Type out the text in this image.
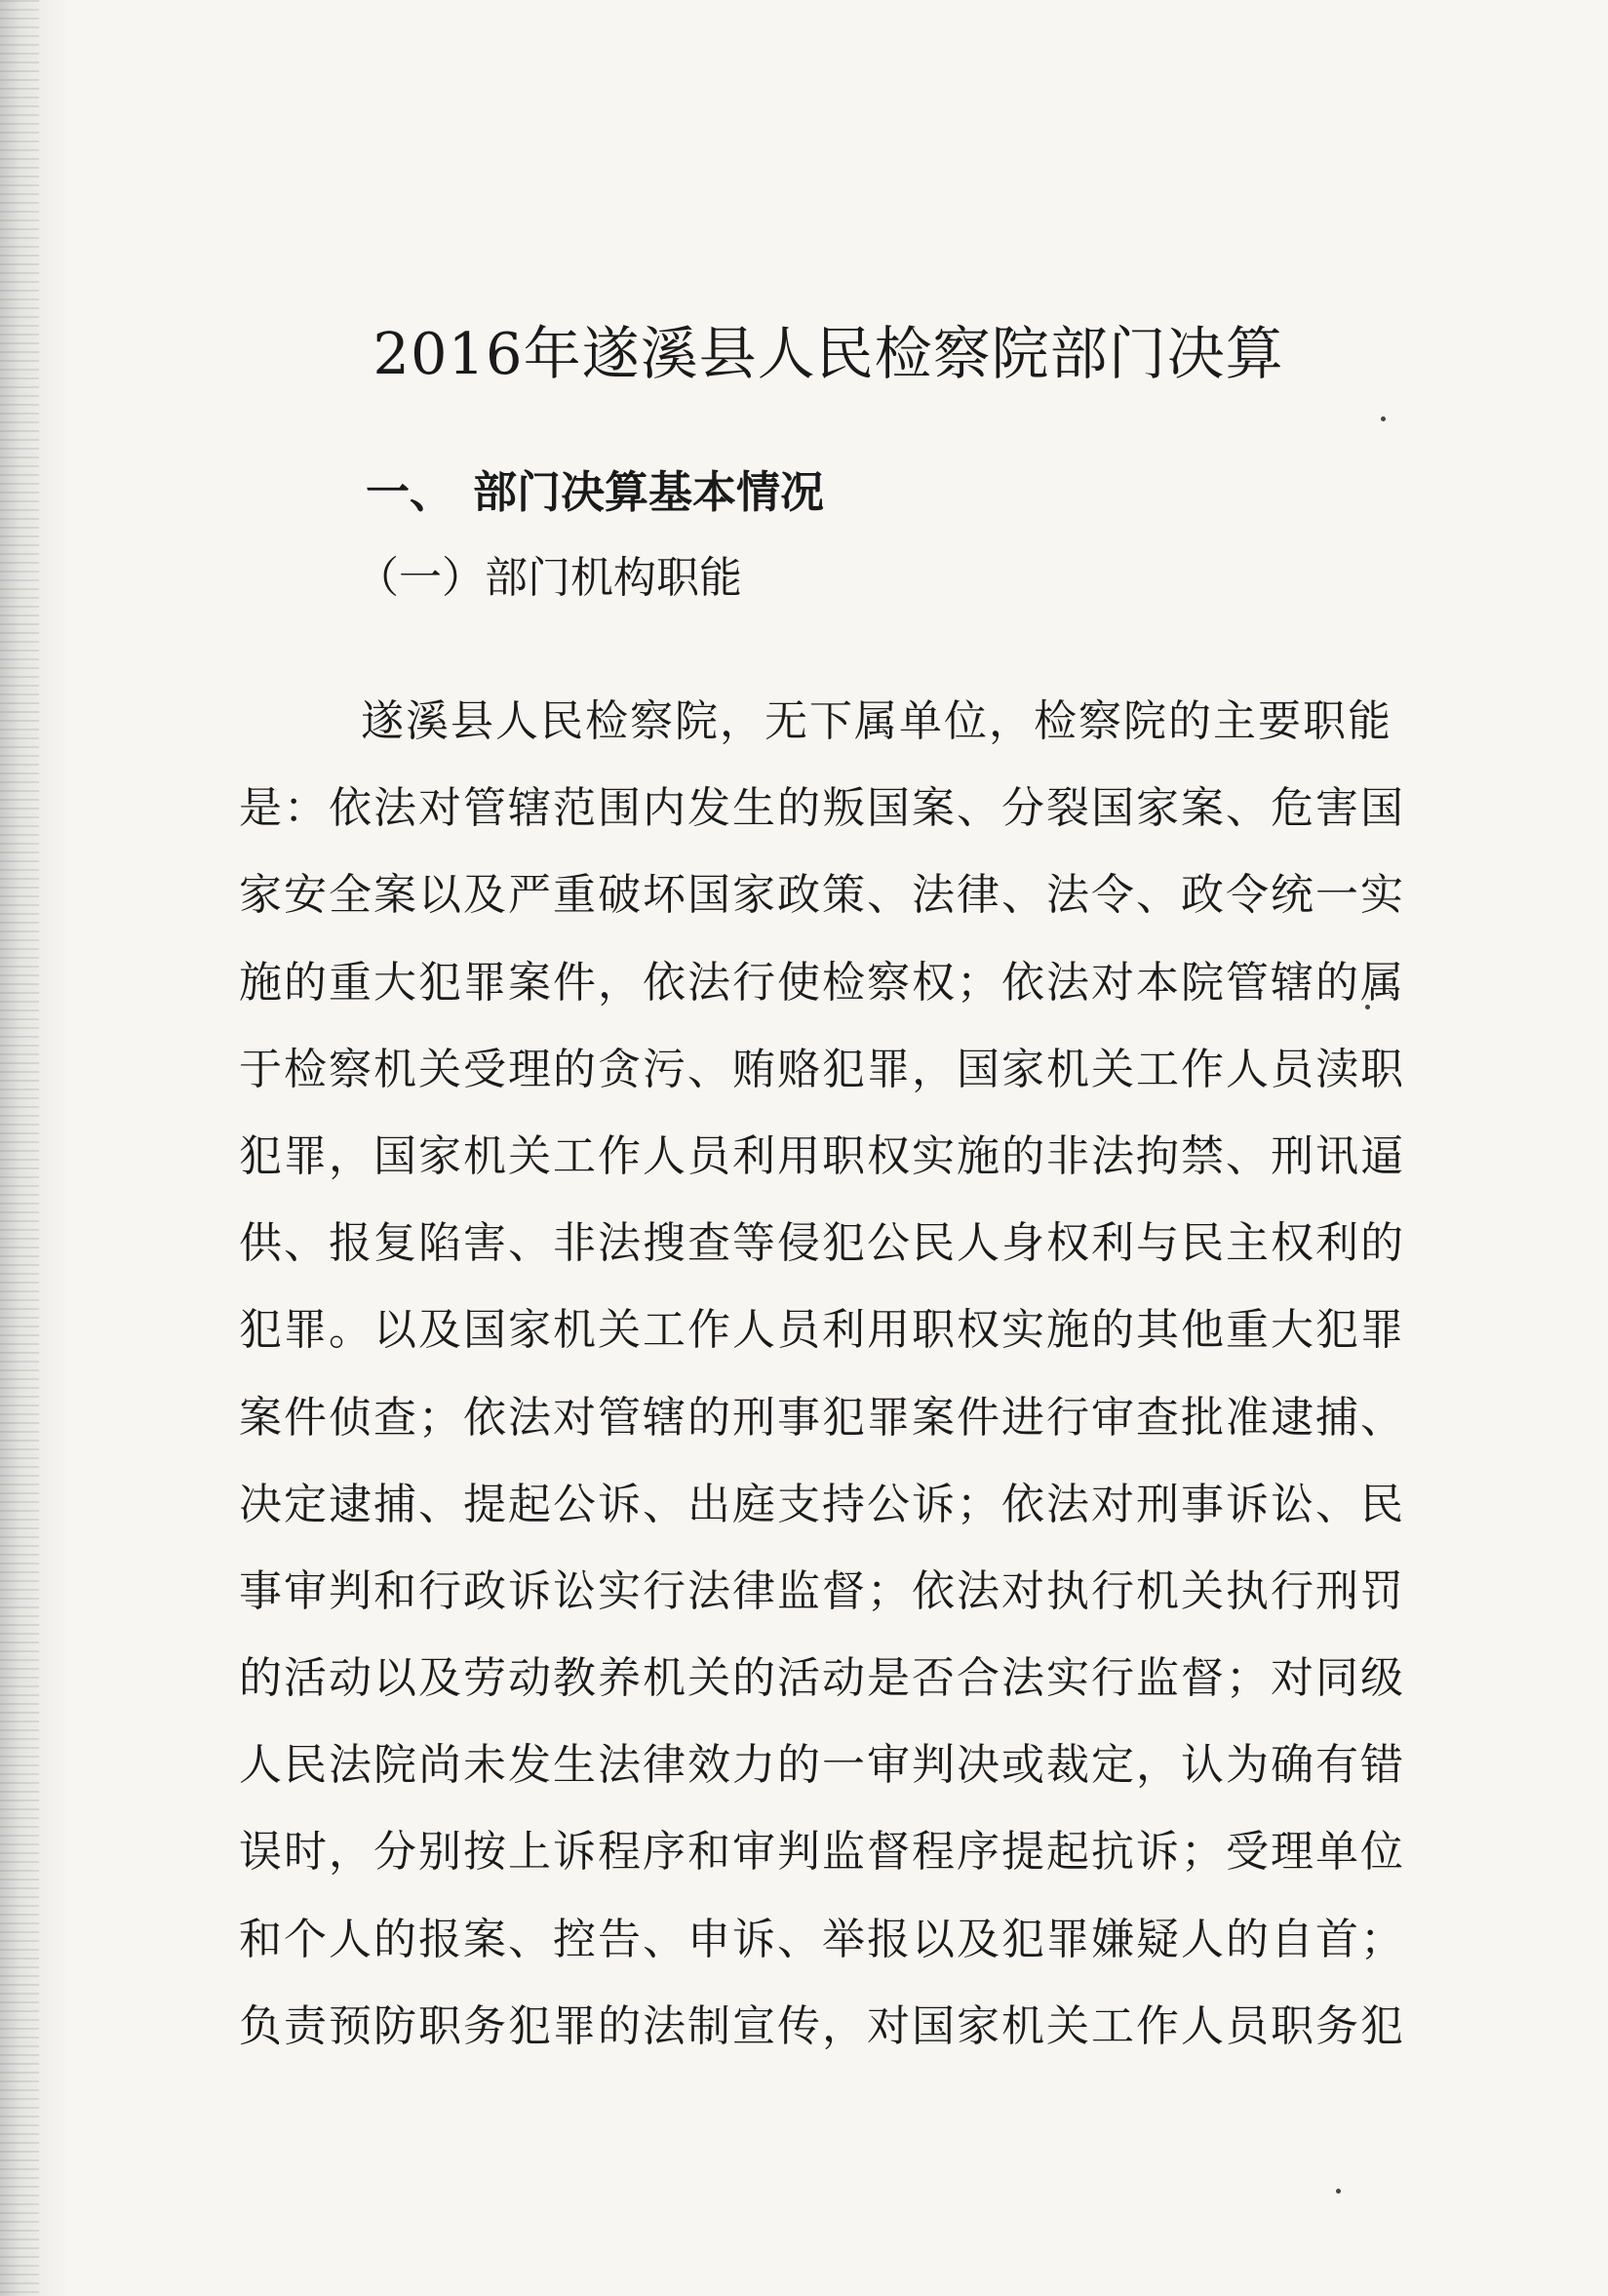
2016年遂溪县人民检察院部门决算
一、 部门决算基本情况
（一）部门机构职能
遂溪县人民检察院，无下属单位，检察院的主要职能
是：依法对管辖范围内发生的叛国案、分裂国家案、危害国
家安全案以及严重破坏国家政策、法律、法令、政令统一实
施的重大犯罪案件，依法行使检察权；依法对本院管辖的属
于检察机关受理的贪污、贿赂犯罪，国家机关工作人员渎职
犯罪，国家机关工作人员利用职权实施的非法拘禁、刑讯逼
供、报复陷害、非法搜查等侵犯公民人身权利与民主权利的
犯罪。以及国家机关工作人员利用职权实施的其他重大犯罪
案件侦查；依法对管辖的刑事犯罪案件进行审查批准逮捕、
决定逮捕、提起公诉、出庭支持公诉；依法对刑事诉讼、民
事审判和行政诉讼实行法律监督；依法对执行机关执行刑罚
的活动以及劳动教养机关的活动是否合法实行监督；对同级
人民法院尚未发生法律效力的一审判决或裁定，认为确有错
误时，分别按上诉程序和审判监督程序提起抗诉；受理单位
和个人的报案、控告、申诉、举报以及犯罪嫌疑人的自首；
负责预防职务犯罪的法制宣传，对国家机关工作人员职务犯
